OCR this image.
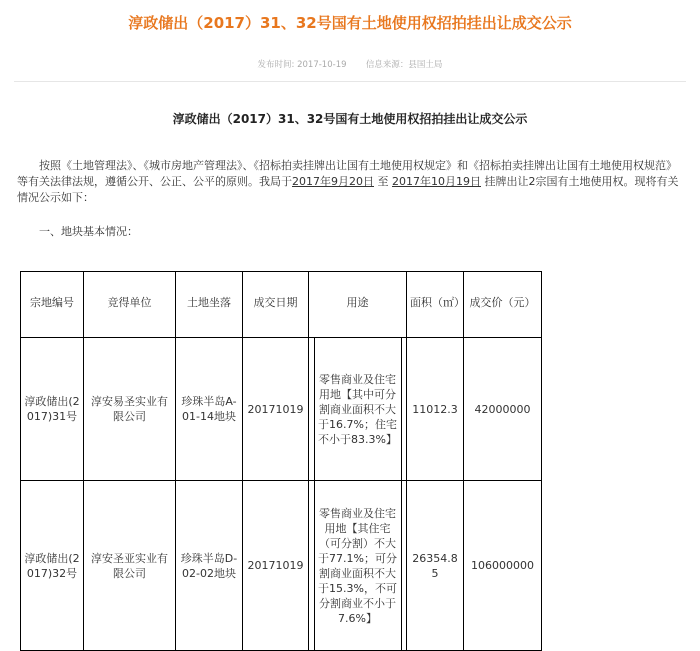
淳政储出（2017）31、32号国有土地使用权招拍挂出让成交公示
发布时间: 2017-10-19 信息来源：县国土局
淳政储出（2017）31、32号国有土地使用权招拍挂出让成交公示
按照《土地管理法》、《城市房地产管理法》、《招标拍卖挂牌出让国有土地使用权规定》和《招标拍卖挂牌出让国有土地使用权规范》等有关法律法规，遵循公开、公正、公平的原则。我局于2017年9月20日 至 2017年10月19日 挂牌出让2宗国有土地使用权。现将有关情况公示如下：
一、地块基本情况：
宗地编号	竞得单位	土地坐落	成交日期	用途	面积（㎡）	成交价（元）
淳政储出(2017)31号	淳安易圣实业有限公司	珍珠半岛A-01-14地块	20171019	零售商业及住宅用地【其中可分割商业面积不大于16.7%；住宅不小于83.3%】	11012.3	42000000
淳政储出(2017)32号	淳安圣亚实业有限公司	珍珠半岛D-02-02地块	20171019	零售商业及住宅用地【其住宅（可分割）不大于77.1%；可分割商业面积不大于15.3%，不可分割商业不小于7.6%】	26354.85	106000000
